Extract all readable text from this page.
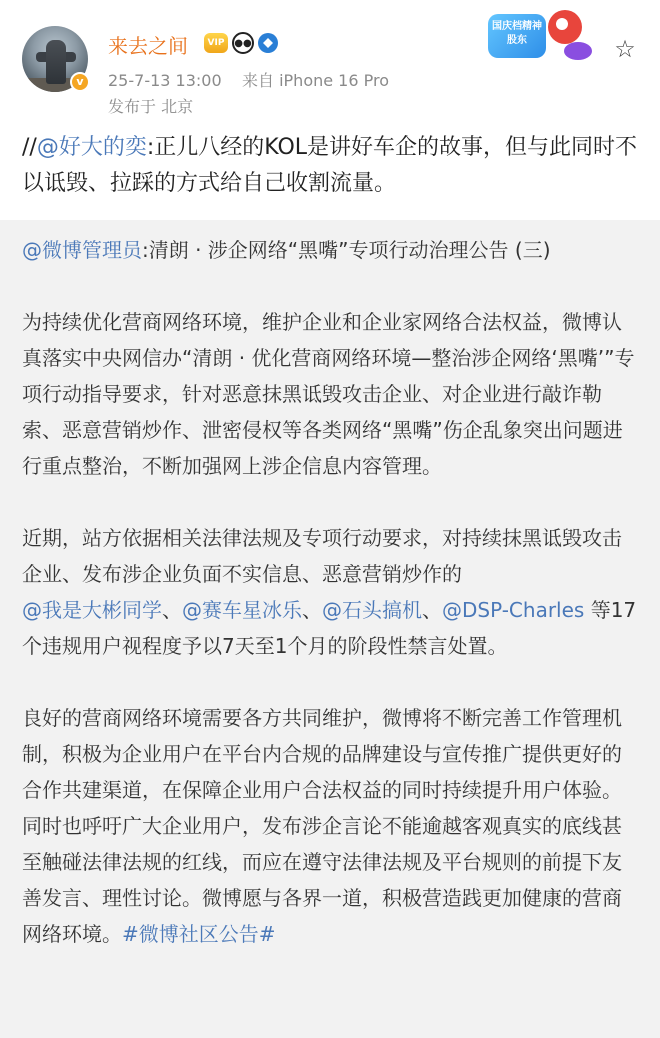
v
来去之间	VIP ●●
25-7-13 13:00 来自 iPhone 16 Pro
发布于 北京
国庆档精神股东	☆
//@好大的奕:正儿八经的KOL是讲好车企的故事，但与此同时不以诋毁、拉踩的方式给自己收割流量。
@微博管理员:清朗 · 涉企网络“黑嘴”专项行动治理公告 (三)
为持续优化营商网络环境，维护企业和企业家网络合法权益，微博认真落实中央网信办“清朗 · 优化营商网络环境—整治涉企网络‘黑嘴’”专项行动指导要求，针对恶意抹黑诋毁攻击企业、对企业进行敲诈勒索、恶意营销炒作、泄密侵权等各类网络“黑嘴”伤企乱象突出问题进行重点整治，不断加强网上涉企信息内容管理。
近期，站方依据相关法律法规及专项行动要求，对持续抹黑诋毁攻击企业、发布涉企业负面不实信息、恶意营销炒作的
@我是大彬同学、@赛车星冰乐、@石头搞机、@DSP-Charles 等17个违规用户视程度予以7天至1个月的阶段性禁言处置。
良好的营商网络环境需要各方共同维护，微博将不断完善工作管理机制，积极为企业用户在平台内合规的品牌建设与宣传推广提供更好的合作共建渠道，在保障企业用户合法权益的同时持续提升用户体验。同时也呼吁广大企业用户，发布涉企言论不能逾越客观真实的底线甚至触碰法律法规的红线，而应在遵守法律法规及平台规则的前提下友善发言、理性讨论。微博愿与各界一道，积极营造践更加健康的营商网络环境。#微博社区公告#
